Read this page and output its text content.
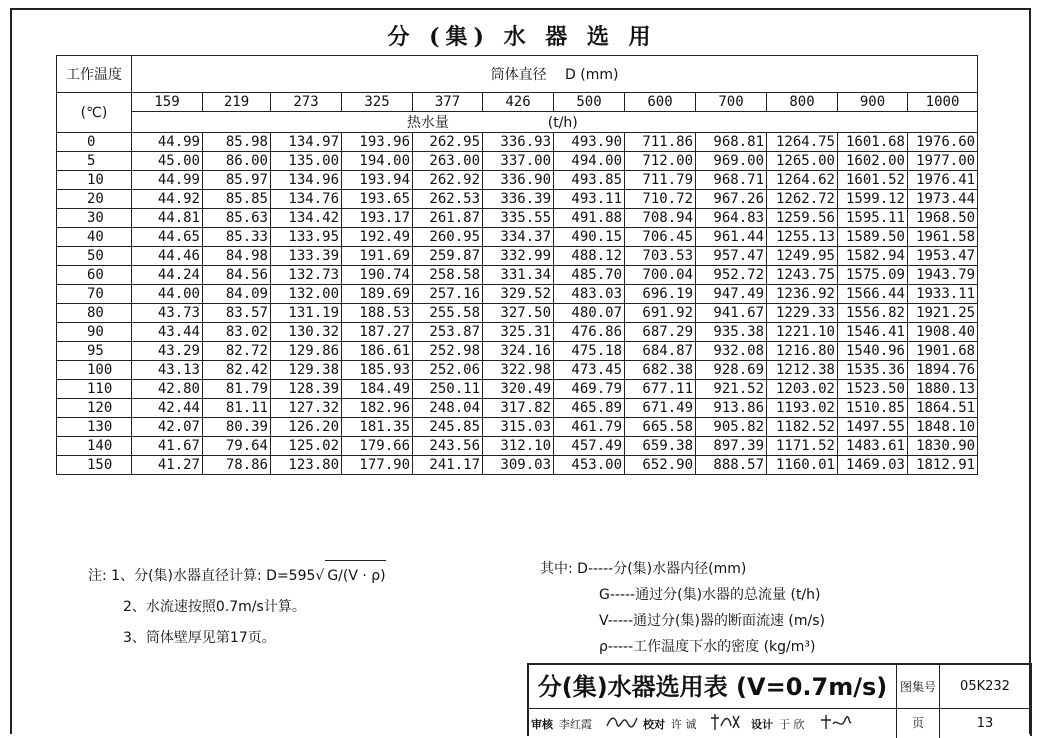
分 (集) 水 器 选 用
工作温度	筒体直径　 D (mm)											
(℃)	159	219	273	325	377	426	500	600	700	800	900	1000
	热水量 (t/h)											
0	44.99	85.98	134.97	193.96	262.95	336.93	493.90	711.86	968.81	1264.75	1601.68	1976.60
5	45.00	86.00	135.00	194.00	263.00	337.00	494.00	712.00	969.00	1265.00	1602.00	1977.00
10	44.99	85.97	134.96	193.94	262.92	336.90	493.85	711.79	968.71	1264.62	1601.52	1976.41
20	44.92	85.85	134.76	193.65	262.53	336.39	493.11	710.72	967.26	1262.72	1599.12	1973.44
30	44.81	85.63	134.42	193.17	261.87	335.55	491.88	708.94	964.83	1259.56	1595.11	1968.50
40	44.65	85.33	133.95	192.49	260.95	334.37	490.15	706.45	961.44	1255.13	1589.50	1961.58
50	44.46	84.98	133.39	191.69	259.87	332.99	488.12	703.53	957.47	1249.95	1582.94	1953.47
60	44.24	84.56	132.73	190.74	258.58	331.34	485.70	700.04	952.72	1243.75	1575.09	1943.79
70	44.00	84.09	132.00	189.69	257.16	329.52	483.03	696.19	947.49	1236.92	1566.44	1933.11
80	43.73	83.57	131.19	188.53	255.58	327.50	480.07	691.92	941.67	1229.33	1556.82	1921.25
90	43.44	83.02	130.32	187.27	253.87	325.31	476.86	687.29	935.38	1221.10	1546.41	1908.40
95	43.29	82.72	129.86	186.61	252.98	324.16	475.18	684.87	932.08	1216.80	1540.96	1901.68
100	43.13	82.42	129.38	185.93	252.06	322.98	473.45	682.38	928.69	1212.38	1535.36	1894.76
110	42.80	81.79	128.39	184.49	250.11	320.49	469.79	677.11	921.52	1203.02	1523.50	1880.13
120	42.44	81.11	127.32	182.96	248.04	317.82	465.89	671.49	913.86	1193.02	1510.85	1864.51
130	42.07	80.39	126.20	181.35	245.85	315.03	461.79	665.58	905.82	1182.52	1497.55	1848.10
140	41.67	79.64	125.02	179.66	243.56	312.10	457.49	659.38	897.39	1171.52	1483.61	1830.90
150	41.27	78.86	123.80	177.90	241.17	309.03	453.00	652.90	888.57	1160.01	1469.03	1812.91
注: 1、分(集)水器直径计算: D=595√ G/(V · ρ)
2、水流速按照0.7m/s计算。
3、筒体壁厚见第17页。
其中: D-----分(集)水器内径(mm)
G-----通过分(集)水器的总流量 (t/h)
V-----通过分(集)器的断面流速 (m/s)
ρ-----工作温度下水的密度 (kg/m³)
分(集)水器选用表 (V=0.7m/s)	图集号	05K232
页	13
审核 李红霞	校对 许 诚	设计 于 欣
